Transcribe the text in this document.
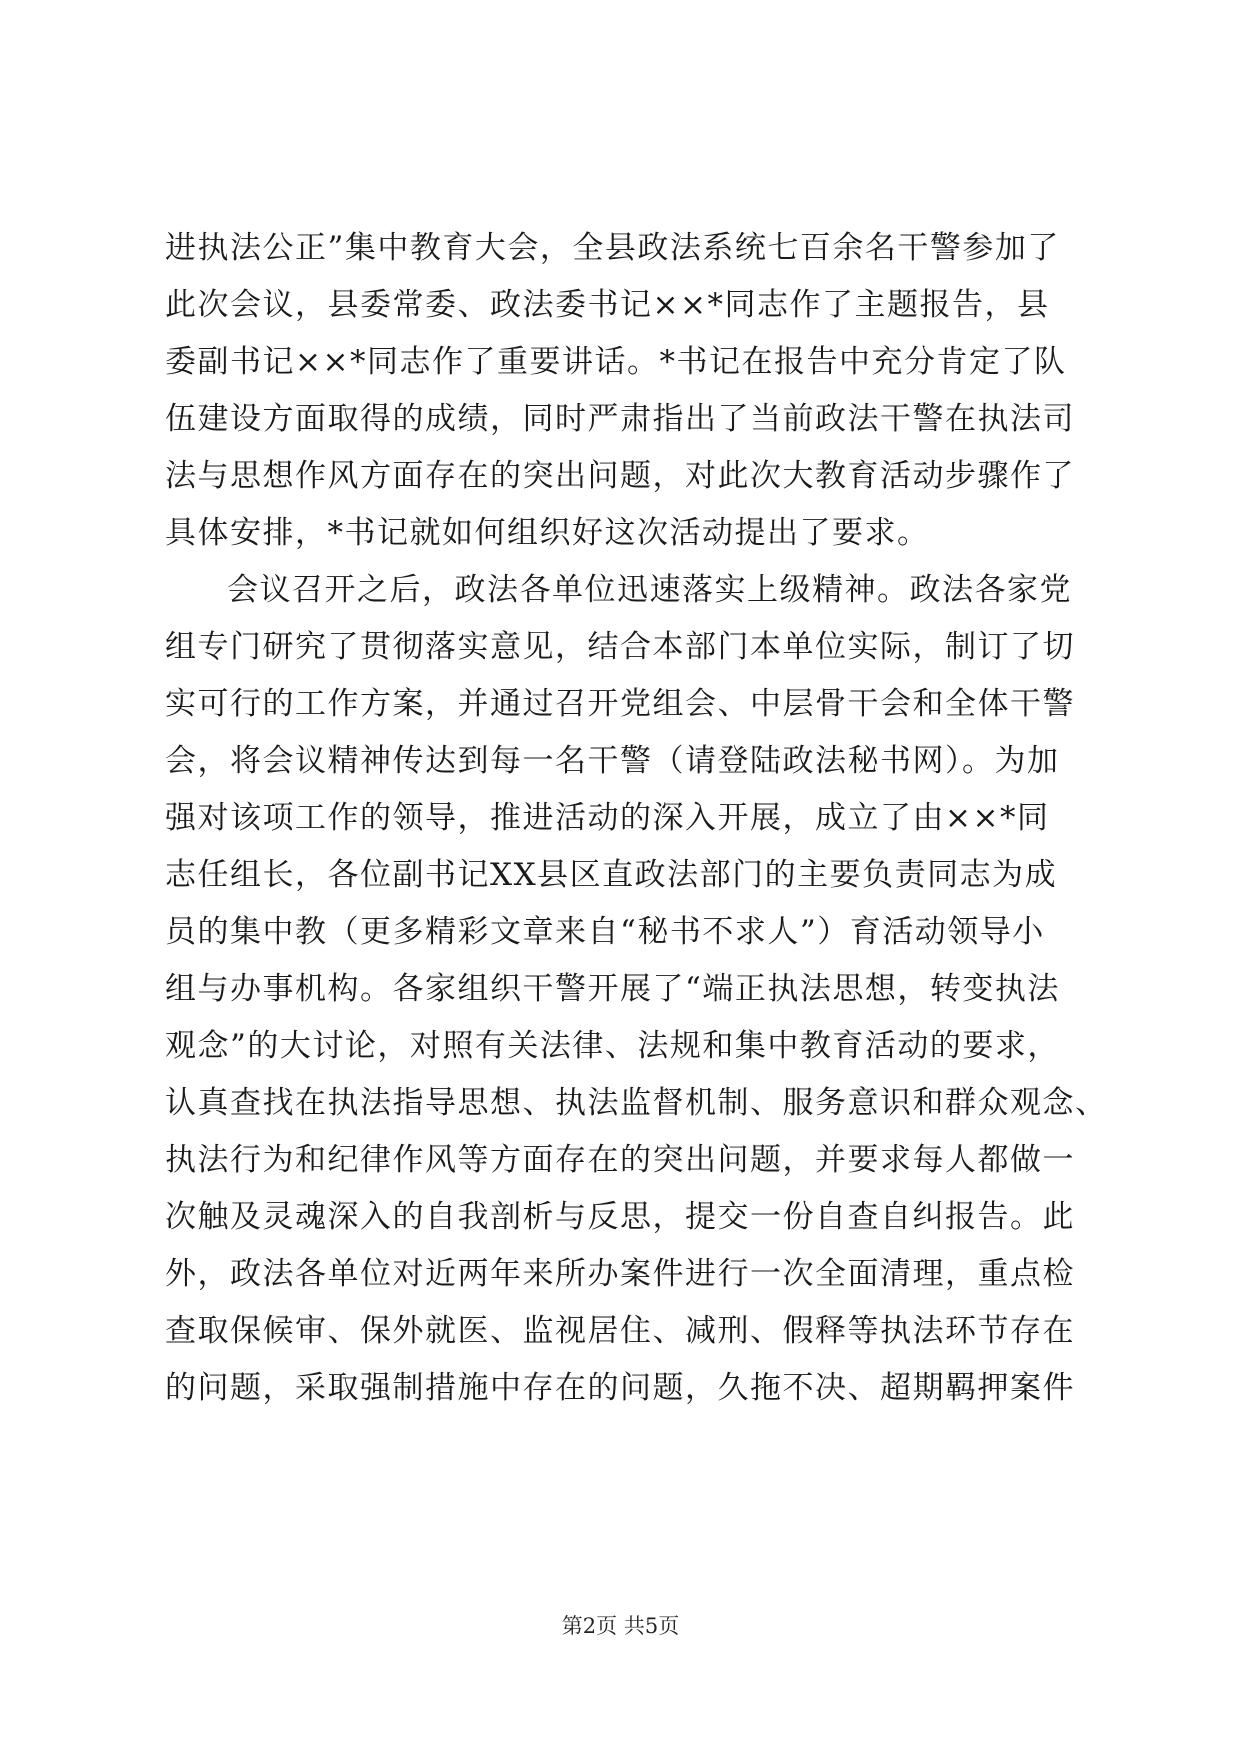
进执法公正”集中教育大会，全县政法系统七百余名干警参加了
此次会议，县委常委、政法委书记××*同志作了主题报告，县
委副书记××*同志作了重要讲话。*书记在报告中充分肯定了队
伍建设方面取得的成绩，同时严肃指出了当前政法干警在执法司
法与思想作风方面存在的突出问题，对此次大教育活动步骤作了
具体安排，*书记就如何组织好这次活动提出了要求。
会议召开之后，政法各单位迅速落实上级精神。政法各家党
组专门研究了贯彻落实意见，结合本部门本单位实际，制订了切
实可行的工作方案，并通过召开党组会、中层骨干会和全体干警
会，将会议精神传达到每一名干警（请登陆政法秘书网）。为加
强对该项工作的领导，推进活动的深入开展，成立了由××*同
志任组长，各位副书记XX县区直政法部门的主要负责同志为成
员的集中教（更多精彩文章来自“秘书不求人”）育活动领导小
组与办事机构。各家组织干警开展了“端正执法思想，转变执法
观念”的大讨论，对照有关法律、法规和集中教育活动的要求，
认真查找在执法指导思想、执法监督机制、服务意识和群众观念、
执法行为和纪律作风等方面存在的突出问题，并要求每人都做一
次触及灵魂深入的自我剖析与反思，提交一份自查自纠报告。此
外，政法各单位对近两年来所办案件进行一次全面清理，重点检
查取保候审、保外就医、监视居住、减刑、假释等执法环节存在
的问题，采取强制措施中存在的问题，久拖不决、超期羁押案件
第2页 共5页
